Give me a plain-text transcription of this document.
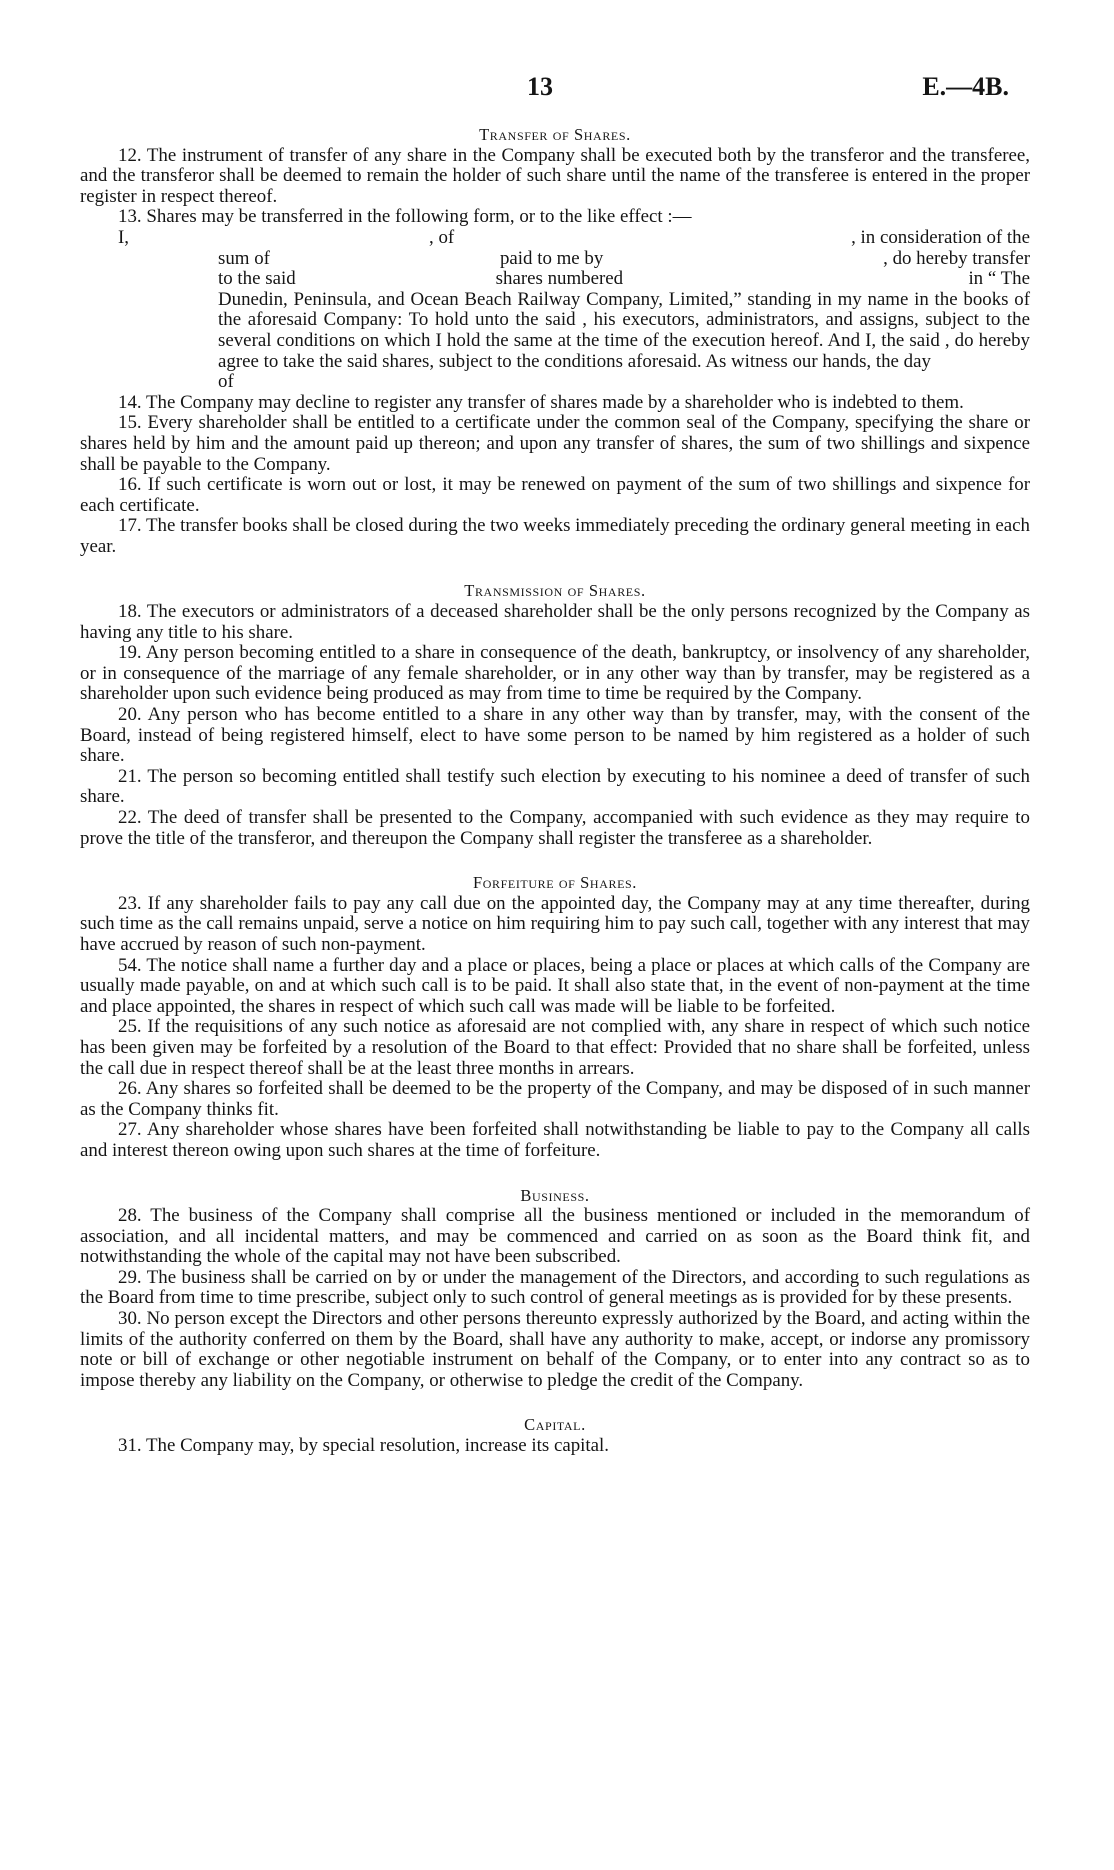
13	E.—4B.

Transfer of Shares.

12. The instrument of transfer of any share in the Company shall be executed both by the transferor and the transferee, and the transferor shall be deemed to remain the holder of such share until the name of the transferee is entered in the proper register in respect thereof.

13. Shares may be transferred in the following form, or to the like effect :—

I,	, of	, in consideration of the
sum of	paid to me by	, do hereby transfer
to the said	shares numbered	in “ The

Dunedin, Peninsula, and Ocean Beach Railway Company, Limited,” standing in my name in the books of the aforesaid Company: To hold unto the said , his executors, administrators, and assigns, subject to the several conditions on which I hold the same at the time of the execution hereof. And I, the said , do hereby agree to take the said shares, subject to the conditions aforesaid. As witness our hands, the day

of

14. The Company may decline to register any transfer of shares made by a shareholder who is indebted to them.

15. Every shareholder shall be entitled to a certificate under the common seal of the Company, specifying the share or shares held by him and the amount paid up thereon; and upon any transfer of shares, the sum of two shillings and sixpence shall be payable to the Company.

16. If such certificate is worn out or lost, it may be renewed on payment of the sum of two shillings and sixpence for each certificate.

17. The transfer books shall be closed during the two weeks immediately preceding the ordinary general meeting in each year.

Transmission of Shares.

18. The executors or administrators of a deceased shareholder shall be the only persons recognized by the Company as having any title to his share.

19. Any person becoming entitled to a share in consequence of the death, bankruptcy, or insolvency of any shareholder, or in consequence of the marriage of any female shareholder, or in any other way than by transfer, may be registered as a shareholder upon such evidence being produced as may from time to time be required by the Company.

20. Any person who has become entitled to a share in any other way than by transfer, may, with the consent of the Board, instead of being registered himself, elect to have some person to be named by him registered as a holder of such share.

21. The person so becoming entitled shall testify such election by executing to his nominee a deed of transfer of such share.

22. The deed of transfer shall be presented to the Company, accompanied with such evidence as they may require to prove the title of the transferor, and thereupon the Company shall register the transferee as a shareholder.

Forfeiture of Shares.

23. If any shareholder fails to pay any call due on the appointed day, the Company may at any time thereafter, during such time as the call remains unpaid, serve a notice on him requiring him to pay such call, together with any interest that may have accrued by reason of such non-payment.

54. The notice shall name a further day and a place or places, being a place or places at which calls of the Company are usually made payable, on and at which such call is to be paid. It shall also state that, in the event of non-payment at the time and place appointed, the shares in respect of which such call was made will be liable to be forfeited.

25. If the requisitions of any such notice as aforesaid are not complied with, any share in respect of which such notice has been given may be forfeited by a resolution of the Board to that effect: Provided that no share shall be forfeited, unless the call due in respect thereof shall be at the least three months in arrears.

26. Any shares so forfeited shall be deemed to be the property of the Company, and may be disposed of in such manner as the Company thinks fit.

27. Any shareholder whose shares have been forfeited shall notwithstanding be liable to pay to the Company all calls and interest thereon owing upon such shares at the time of forfeiture.

Business.

28. The business of the Company shall comprise all the business mentioned or included in the memorandum of association, and all incidental matters, and may be commenced and carried on as soon as the Board think fit, and notwithstanding the whole of the capital may not have been subscribed.

29. The business shall be carried on by or under the management of the Directors, and according to such regulations as the Board from time to time prescribe, subject only to such control of general meetings as is provided for by these presents.

30. No person except the Directors and other persons thereunto expressly authorized by the Board, and acting within the limits of the authority conferred on them by the Board, shall have any authority to make, accept, or indorse any promissory note or bill of exchange or other negotiable instrument on behalf of the Company, or to enter into any contract so as to impose thereby any liability on the Company, or otherwise to pledge the credit of the Company.

Capital.

31. The Company may, by special resolution, increase its capital.
